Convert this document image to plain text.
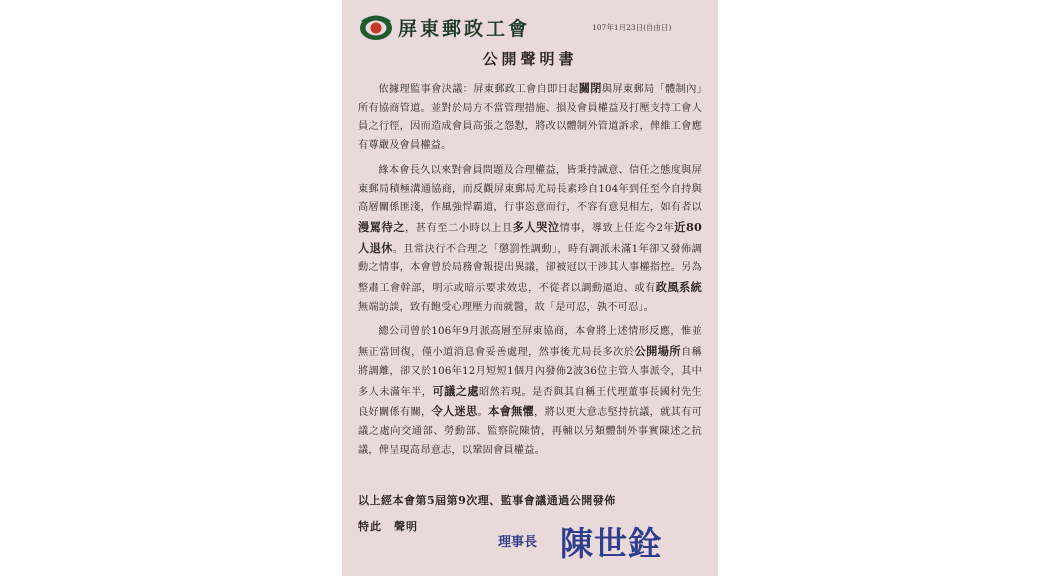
屏東郵政工會	107年1月23日(自由日)
公開聲明書

依據理監事會決議：屏東郵政工會自即日起關閉與屏東郵局「體制內」所有協商管道。並對於局方不當管理措施、損及會員權益及打壓支持工會人員之行徑，因而造成會員高張之怨懟，將改以體制外管道訴求，俾維工會應有尊嚴及會員權益。

緣本會長久以來對會員問題及合理權益，皆秉持誠意、信任之態度與屏東郵局積極溝通協商，而反觀屏東郵局尤局長素珍自104年到任至今自持與高層關係匪淺，作風強悍霸道，行事恣意而行，不容有意見相左，如有者以漫罵待之，甚有至二小時以上且多人哭泣情事，導致上任迄今2年近80人退休。且常決行不合理之「懲罰性調動」，時有調派未滿1年卻又發佈調動之情事，本會曾於局務會報提出異議，卻被冠以干涉其人事權指控。另為整肅工會幹部，明示或暗示要求效忠，不從者以調動逼迫、或有政風系統無端訪談，致有飽受心理壓力而就醫，故「是可忍，孰不可忍」。

總公司曾於106年9月派高層至屏東協商，本會將上述情形反應，惟並無正當回復，僅小道消息會妥善處理，然事後尤局長多次於公開場所自稱將調離，卻又於106年12月短短1個月內發佈2波36位主管人事派令，其中多人未滿年半，可議之處昭然若現。是否與其自稱王代理董事長國村先生良好關係有關，令人迷思。本會無懼，將以更大意志堅持抗議，就其有可議之處向交通部、勞動部、監察院陳情，再輔以另類體制外事實陳述之抗議，俾呈現高昂意志，以鞏固會員權益。

以上經本會第5屆第9次理、監事會議通過公開發佈
特此　聲明
理事長 陳世銓
